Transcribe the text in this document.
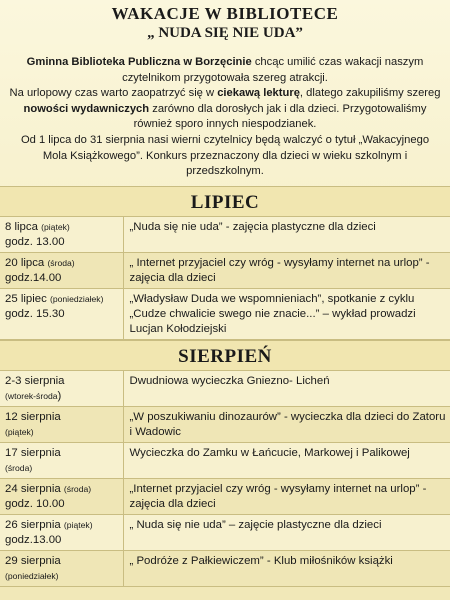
WAKACJE W BIBLIOTECE
„ NUDA SIĘ NIE UDA”
Gminna Biblioteka Publiczna w Borzęcinie chcąc umilić czas wakacji naszym czytelnikom przygotowała szereg atrakcji.
Na urlopowy czas warto zaopatrzyć się w ciekawą lekturę, dlatego zakupiliśmy szereg nowości wydawniczych zarówno dla dorosłych jak i dla dzieci. Przygotowaliśmy również sporo innych niespodzianek.
Od 1 lipca do 31 sierpnia nasi wierni czytelnicy będą walczyć o tytuł „Wakacyjnego Mola Książkowego”. Konkurs przeznaczony dla dzieci w wieku szkolnym i przedszkolnym.
LIPIEC
8 lipca (piątek)
godz. 13.00	„Nuda się nie uda” - zajęcia plastyczne dla dzieci
20 lipca (środa)
godz.14.00	„ Internet przyjaciel czy wróg - wysyłamy internet na urlop” - zajęcia dla dzieci
25 lipiec (poniedziałek)
godz. 15.30	„Władysław Duda we wspomnieniach”, spotkanie z cyklu „Cudze chwalicie swego nie znacie...” – wykład prowadzi Lucjan Kołodziejski
SIERPIEŃ
2-3 sierpnia
(wtorek-środa)	Dwudniowa wycieczka Gniezno- Licheń
12 sierpnia
(piątek)	„W poszukiwaniu dinozaurów” - wycieczka dla dzieci do Zatoru i Wadowic
17 sierpnia
(środa)	Wycieczka do Zamku w Łańcucie, Markowej i Palikowej
24 sierpnia (środa)
godz. 10.00	„Internet przyjaciel czy wróg - wysyłamy internet na urlop” - zajęcia dla dzieci
26 sierpnia (piątek)
godz.13.00	„ Nuda się nie uda” – zajęcie plastyczne dla dzieci
29 sierpnia
(poniedziałek)	„ Podróże z Pałkiewiczem” - Klub miłośników książki
